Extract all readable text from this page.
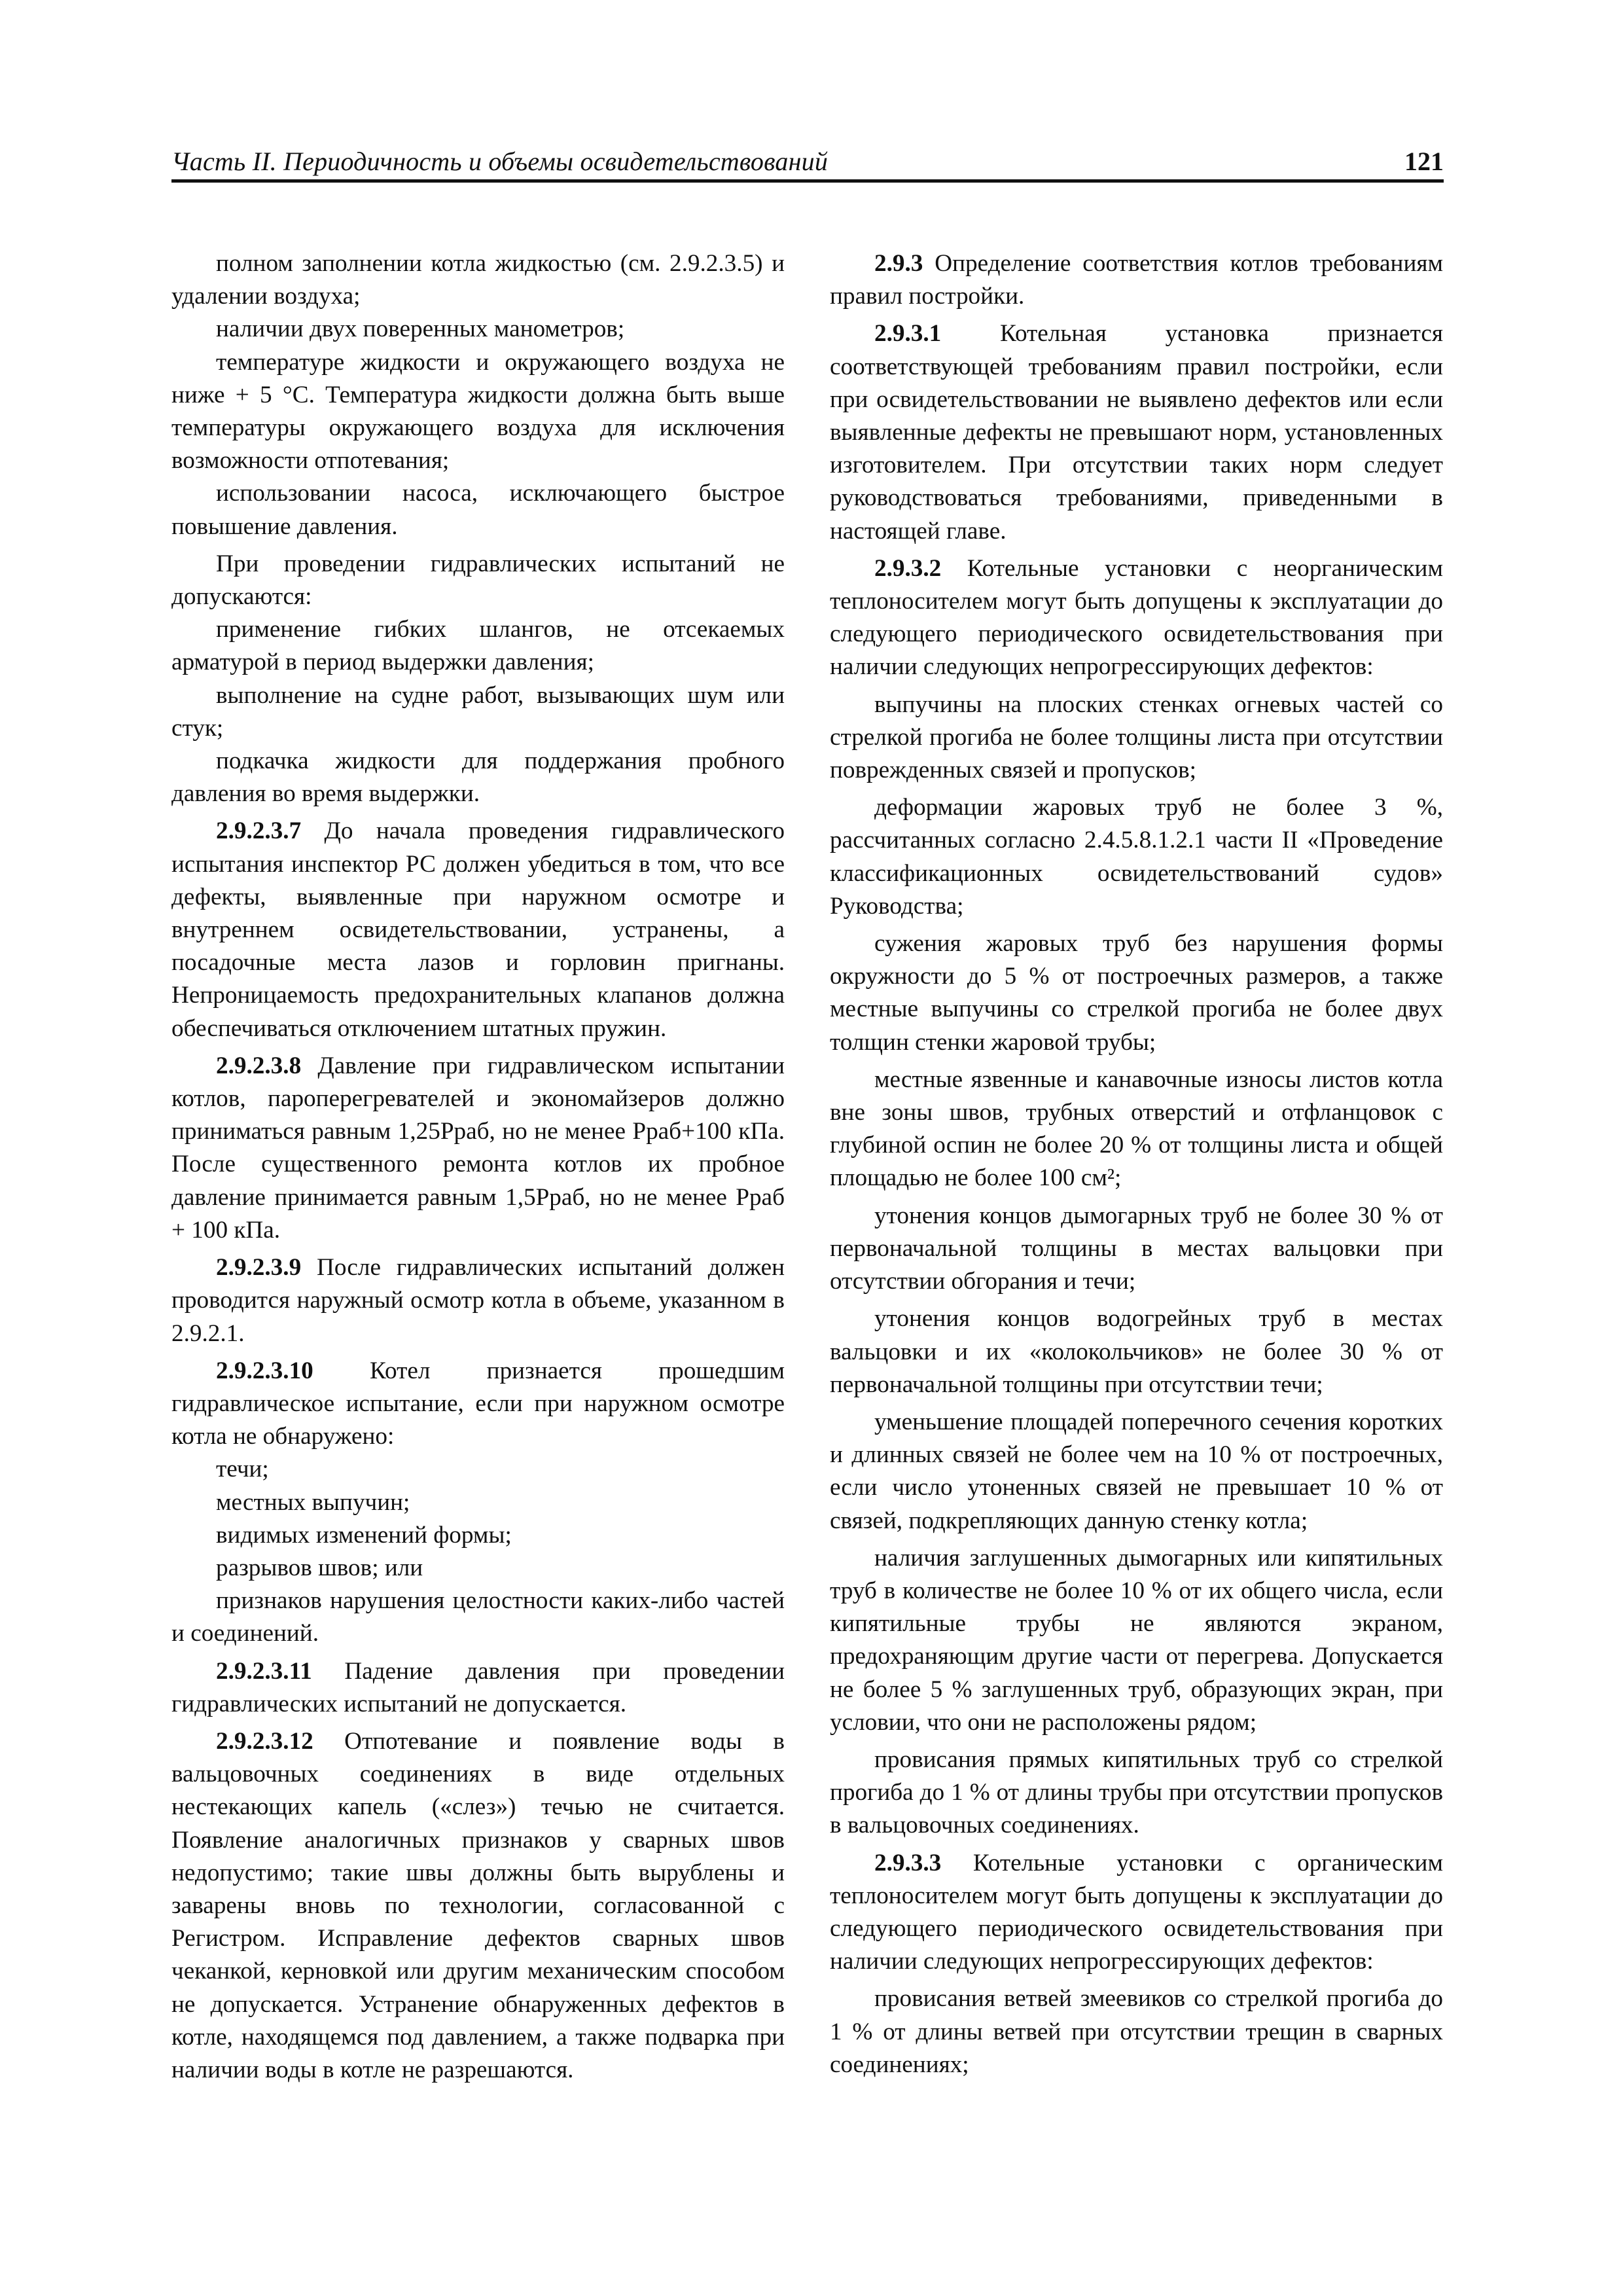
Часть II. Периодичность и объемы освидетельствований	121

полном заполнении котла жидкостью (см. 2.9.2.3.5) и удалении воздуха;

наличии двух поверенных манометров;

температуре жидкости и окружающего воздуха не ниже + 5 °С. Температура жидкости должна быть выше температуры окружающего воздуха для исключения возможности отпотевания;

использовании насоса, исключающего быстрое повышение давления.

При проведении гидравлических испытаний не допускаются:

применение гибких шлангов, не отсекаемых арматурой в период выдержки давления;

выполнение на судне работ, вызывающих шум или стук;

подкачка жидкости для поддержания пробного давления во время выдержки.

2.9.2.3.7 До начала проведения гидравлического испытания инспектор РС должен убедиться в том, что все дефекты, выявленные при наружном осмотре и внутреннем освидетельствовании, устранены, а посадочные места лазов и горловин пригнаны. Непроницаемость предохранительных клапанов должна обеспечиваться отключением штатных пружин.

2.9.2.3.8 Давление при гидравлическом испытании котлов, пароперегревателей и экономайзеров должно приниматься равным 1,25Pраб, но не менее Pраб+100 кПа. После существенного ремонта котлов их пробное давление принимается равным 1,5Pраб, но не менее Pраб + 100 кПа.

2.9.2.3.9 После гидравлических испытаний должен проводится наружный осмотр котла в объеме, указанном в 2.9.2.1.

2.9.2.3.10 Котел признается прошедшим гидравлическое испытание, если при наружном осмотре котла не обнаружено:

течи;

местных выпучин;

видимых изменений формы;

разрывов швов; или

признаков нарушения целостности каких-либо частей и соединений.

2.9.2.3.11 Падение давления при проведении гидравлических испытаний не допускается.

2.9.2.3.12 Отпотевание и появление воды в вальцовочных соединениях в виде отдельных нестекающих капель («слез») течью не считается. Появление аналогичных признаков у сварных швов недопустимо; такие швы должны быть вырублены и заварены вновь по технологии, согласованной с Регистром. Исправление дефектов сварных швов чеканкой, керновкой или другим механическим способом не допускается. Устранение обнаруженных дефектов в котле, находящемся под давлением, а также подварка при наличии воды в котле не разрешаются.

2.9.3 Определение соответствия котлов требованиям правил постройки.

2.9.3.1 Котельная установка признается соответствующей требованиям правил постройки, если при освидетельствовании не выявлено дефектов или если выявленные дефекты не превышают норм, установленных изготовителем. При отсутствии таких норм следует руководствоваться требованиями, приведенными в настоящей главе.

2.9.3.2 Котельные установки с неорганическим теплоносителем могут быть допущены к эксплуатации до следующего периодического освидетельствования при наличии следующих непрогрессирующих дефектов:

выпучины на плоских стенках огневых частей со стрелкой прогиба не более толщины листа при отсутствии поврежденных связей и пропусков;

деформации жаровых труб не более 3 %, рассчитанных согласно 2.4.5.8.1.2.1 части II «Проведение классификационных освидетельствований судов» Руководства;

сужения жаровых труб без нарушения формы окружности до 5 % от построечных размеров, а также местные выпучины со стрелкой прогиба не более двух толщин стенки жаровой трубы;

местные язвенные и канавочные износы листов котла вне зоны швов, трубных отверстий и отфланцовок с глубиной оспин не более 20 % от толщины листа и общей площадью не более 100 см²;

утонения концов дымогарных труб не более 30 % от первоначальной толщины в местах вальцовки при отсутствии обгорания и течи;

утонения концов водогрейных труб в местах вальцовки и их «колокольчиков» не более 30 % от первоначальной толщины при отсутствии течи;

уменьшение площадей поперечного сечения коротких и длинных связей не более чем на 10 % от построечных, если число утоненных связей не превышает 10 % от связей, подкрепляющих данную стенку котла;

наличия заглушенных дымогарных или кипятильных труб в количестве не более 10 % от их общего числа, если кипятильные трубы не являются экраном, предохраняющим другие части от перегрева. Допускается не более 5 % заглушенных труб, образующих экран, при условии, что они не расположены рядом;

провисания прямых кипятильных труб со стрелкой прогиба до 1 % от длины трубы при отсутствии пропусков в вальцовочных соединениях.

2.9.3.3 Котельные установки с органическим теплоносителем могут быть допущены к эксплуатации до следующего периодического освидетельствования при наличии следующих непрогрессирующих дефектов:

провисания ветвей змеевиков со стрелкой прогиба до 1 % от длины ветвей при отсутствии трещин в сварных соединениях;
